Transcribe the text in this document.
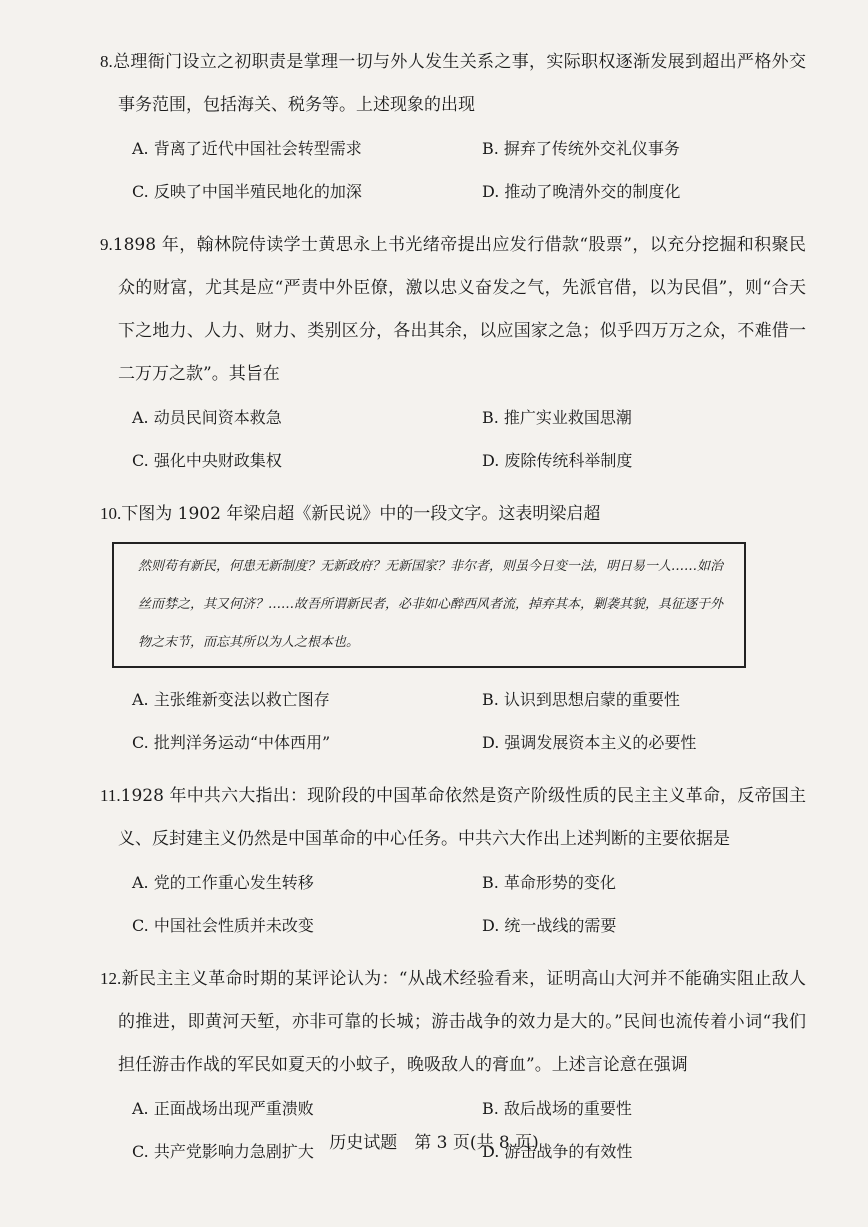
8.总理衙门设立之初职责是掌理一切与外人发生关系之事，实际职权逐渐发展到超出严格外交事务范围，包括海关、税务等。上述现象的出现

A. 背离了近代中国社会转型需求	B. 摒弃了传统外交礼仪事务
C. 反映了中国半殖民地化的加深	D. 推动了晚清外交的制度化

9.1898 年，翰林院侍读学士黄思永上书光绪帝提出应发行借款“股票”，以充分挖掘和积聚民众的财富，尤其是应“严责中外臣僚，激以忠义奋发之气，先派官借，以为民倡”，则“合天下之地力、人力、财力、类别区分，各出其余，以应国家之急；似乎四万万之众，不难借一二万万之款”。其旨在

A. 动员民间资本救急	B. 推广实业救国思潮
C. 强化中央财政集权	D. 废除传统科举制度

10.下图为 1902 年梁启超《新民说》中的一段文字。这表明梁启超

然则苟有新民，何患无新制度？无新政府？无新国家？非尔者，则虽今日变一法，明日易一人……如治丝而棼之，其又何济？……故吾所谓新民者，必非如心醉西风者流，掉弃其本，剿袭其貌，具征逐于外物之末节，而忘其所以为人之根本也。

A. 主张维新变法以救亡图存	B. 认识到思想启蒙的重要性
C. 批判洋务运动“中体西用”	D. 强调发展资本主义的必要性

11.1928 年中共六大指出：现阶段的中国革命依然是资产阶级性质的民主主义革命，反帝国主义、反封建主义仍然是中国革命的中心任务。中共六大作出上述判断的主要依据是

A. 党的工作重心发生转移	B. 革命形势的变化
C. 中国社会性质并未改变	D. 统一战线的需要

12.新民主主义革命时期的某评论认为：“从战术经验看来，证明高山大河并不能确实阻止敌人的推进，即黄河天堑，亦非可靠的长城；游击战争的效力是大的。”民间也流传着小词“我们担任游击作战的军民如夏天的小蚊子，晚吸敌人的膏血”。上述言论意在强调

A. 正面战场出现严重溃败	B. 敌后战场的重要性
C. 共产党影响力急剧扩大	D. 游击战争的有效性
历史试题　第 3 页(共 8 页)
